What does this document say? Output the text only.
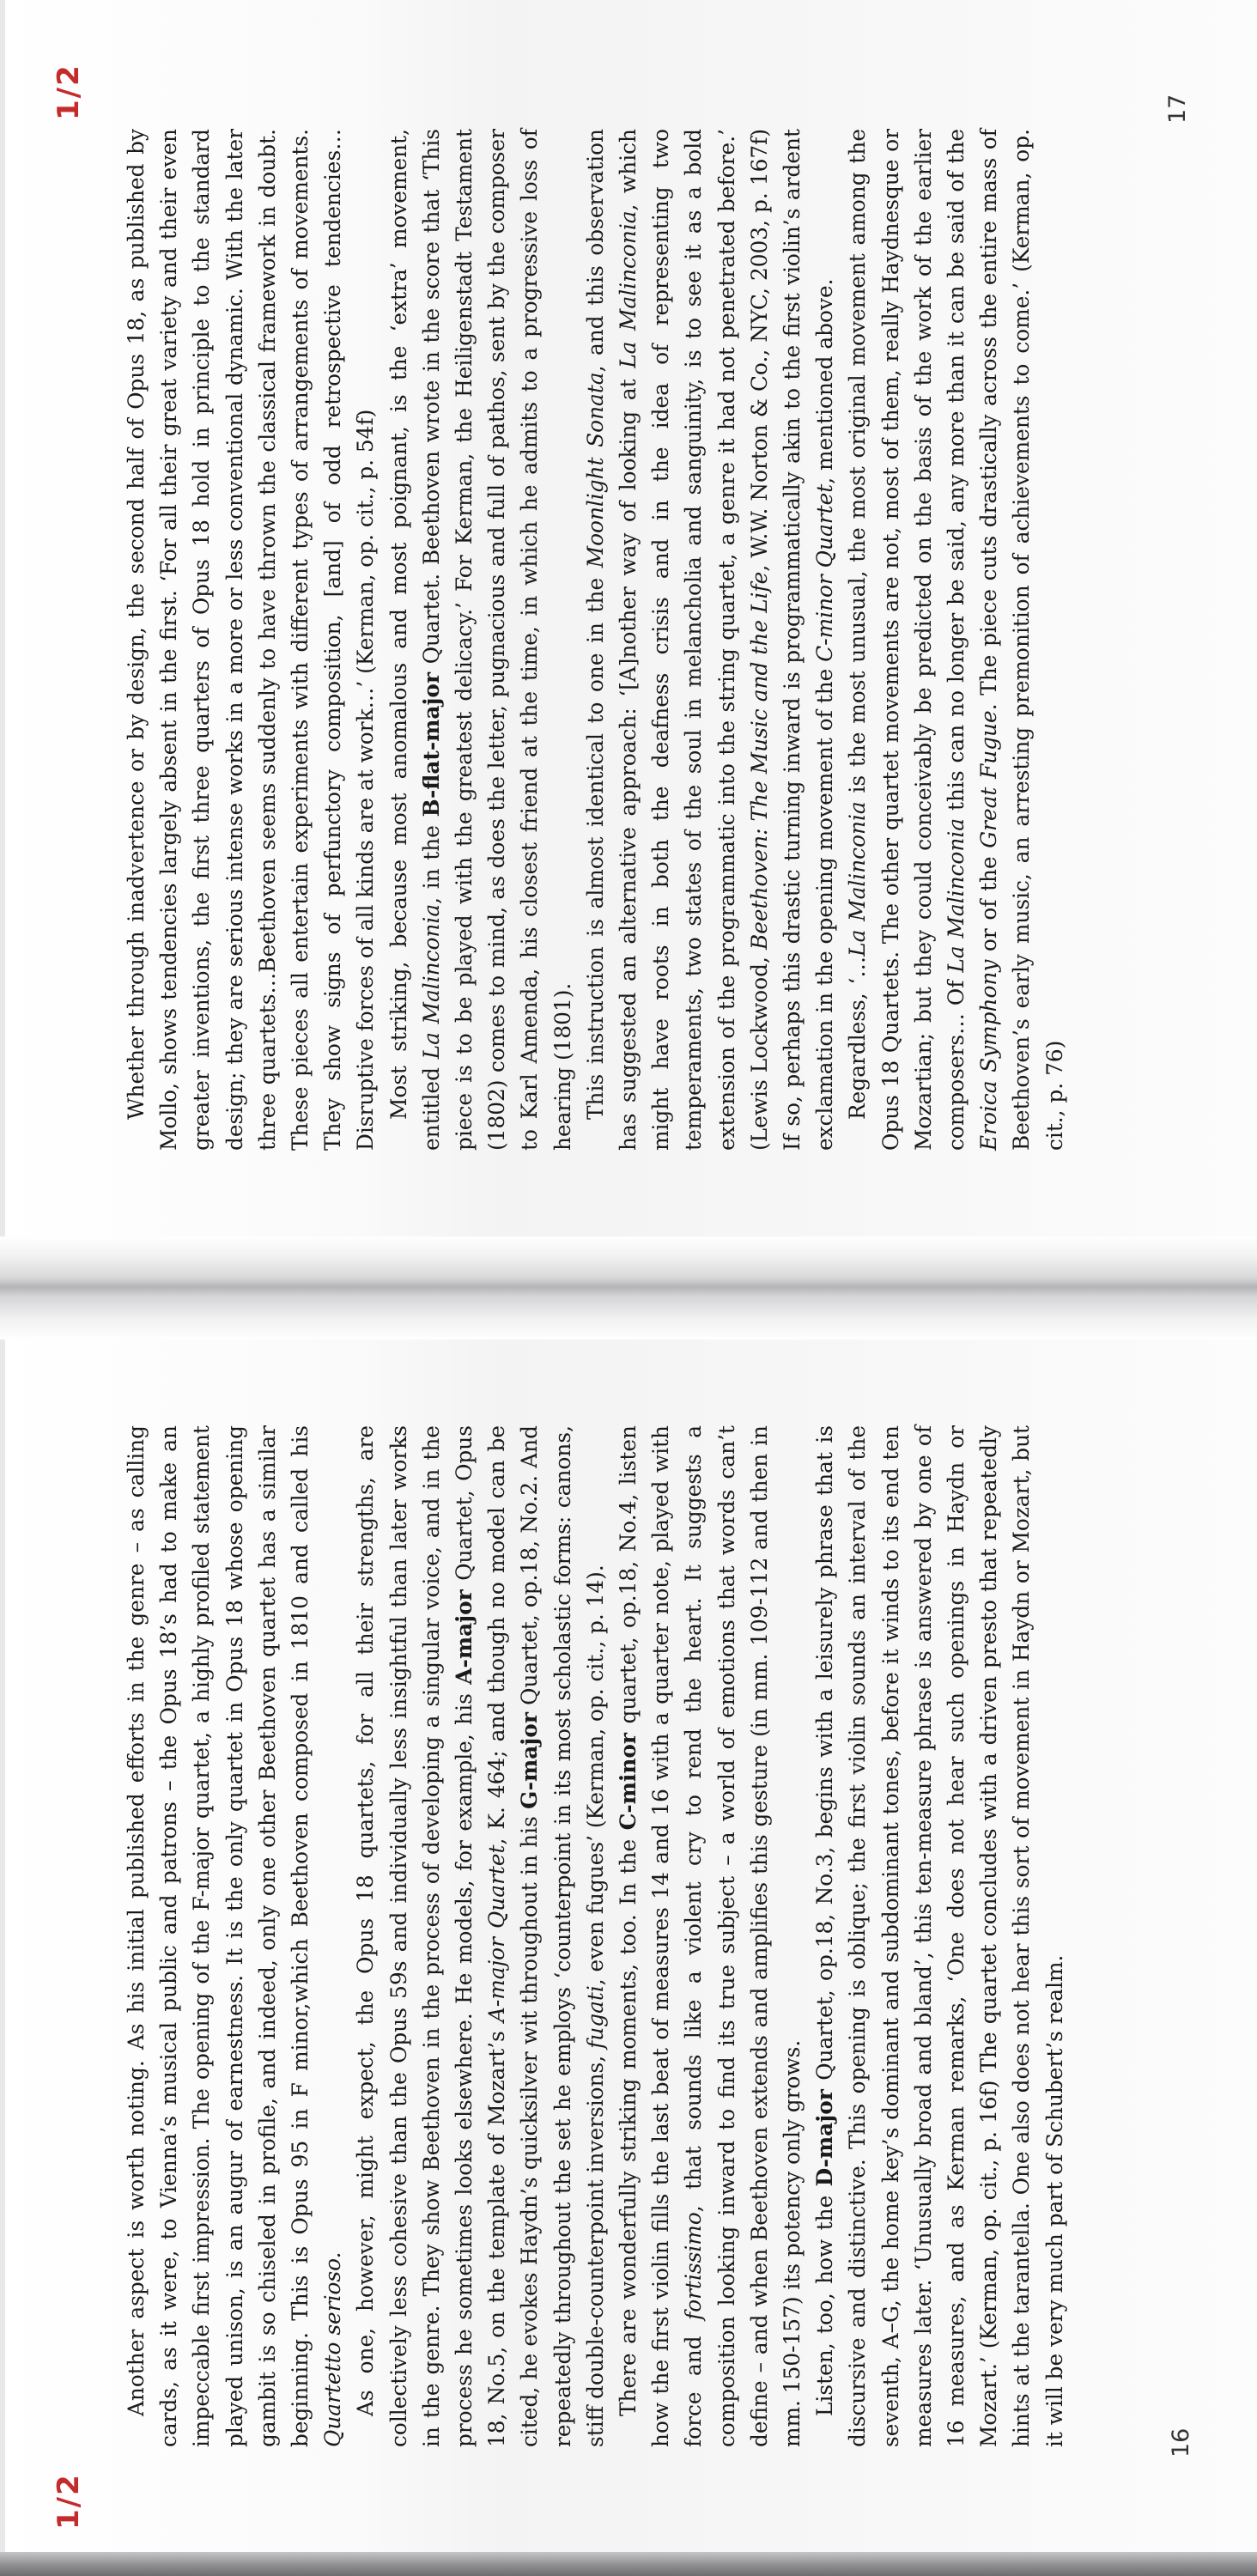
1/2

Another aspect is worth noting. As his initial published efforts in the genre – as calling cards, as it were, to Vienna’s musical public and patrons – the Opus 18’s had to make an impeccable first impression. The opening of the F-major quartet, a highly profiled statement played unison, is an augur of earnestness. It is the only quartet in Opus 18 whose opening gambit is so chiseled in profile, and indeed, only one other Beethoven quartet has a similar beginning. This is Opus 95 in F minor,which Beethoven composed in 1810 and called his Quartetto serioso. As one, however, might expect, the Opus 18 quartets, for all their strengths, are collectively less cohesive than the Opus 59s and individually less insightful than later works in the genre. They show Beethoven in the process of developing a singular voice, and in the process he sometimes looks elsewhere. He models, for example, his A-major Quartet, Opus 18, No.5, on the template of Mozart’s A-major Quartet, K. 464; and though no model can be cited, he evokes Haydn’s quicksilver wit throughout in his G-major Quartet, op.18, No.2. And repeatedly throughout the set he employs ‘counterpoint in its most scholastic forms: canons, stiff double-counterpoint inversions, fugati, even fugues’ (Kerman, op. cit., p. 14).

There are wonderfully striking moments, too. In the C-minor quartet, op.18, No.4, listen how the first violin fills the last beat of measures 14 and 16 with a quarter note, played with force and fortissimo, that sounds like a violent cry to rend the heart. It suggests a composition looking inward to find its true subject – a world of emotions that words can’t define – and when Beethoven extends and amplifies this gesture (in mm. 109-112 and then in mm. 150-157) its potency only grows. Listen, too, how the D-major Quartet, op.18, No.3, begins with a leisurely phrase that is discursive and distinctive. This opening is oblique; the first violin sounds an interval of the seventh, A–G, the home key’s dominant and subdominant tones, before it winds to its end ten measures later. ‘Unusually broad and bland’, this ten-measure phrase is answered by one of 16 measures, and as Kerman remarks, ‘One does not hear such openings in Haydn or Mozart.’ (Kerman, op. cit., p. 16f) The quartet concludes with a driven presto that repeatedly hints at the tarantella. One also does not hear this sort of movement in Haydn or Mozart, but it will be very much part of Schubert’s realm.	16
1/2

Whether through inadvertence or by design, the second half of Opus 18, as published by Mollo, shows tendencies largely absent in the first. ‘For all their great variety and their even greater inventions, the first three quarters of Opus 18 hold in principle to the standard design; they are serious intense works in a more or less conventional dynamic. With the later three quartets…Beethoven seems suddenly to have thrown the classical framework in doubt. These pieces all entertain experiments with different types of arrangements of movements. They show signs of perfunctory composition, [and] of odd retrospective tendencies… Disruptive forces of all kinds are at work…’ (Kerman, op. cit., p. 54f) Most striking, because most anomalous and most poignant, is the ‘extra’ movement, entitled La Malinconia, in the B-flat-major Quartet. Beethoven wrote in the score that ‘This piece is to be played with the greatest delicacy.’ For Kerman, the Heiligenstadt Testament (1802) comes to mind, as does the letter, pugnacious and full of pathos, sent by the composer to Karl Amenda, his closest friend at the time, in which he admits to a progressive loss of hearing (1801). This instruction is almost identical to one in the Moonlight Sonata, and this observation has suggested an alternative approach: ‘[A]nother way of looking at La Malinconia, which might have roots in both the deafness crisis and in the idea of representing two temperaments, two states of the soul in melancholia and sanguinity, is to see it as a bold extension of the programmatic into the string quartet, a genre it had not penetrated before.’ (Lewis Lockwood, Beethoven: The Music and the Life, W.W. Norton & Co., NYC, 2003, p. 167f) If so, perhaps this drastic turning inward is programmatically akin to the first violin’s ardent exclamation in the opening movement of the C-minor Quartet, mentioned above.

Regardless, ‘…La Malinconia is the most unusual, the most original movement among the Opus 18 Quartets. The other quartet movements are not, most of them, really Haydnesque or Mozartian; but they could conceivably be predicted on the basis of the work of the earlier composers… Of La Malinconia this can no longer be said, any more than it can be said of the Eroica Symphony or of the Great Fugue. The piece cuts drastically across the entire mass of Beethoven’s early music, an arresting premonition of achievements to come.’ (Kerman, op. cit., p. 76)

17
